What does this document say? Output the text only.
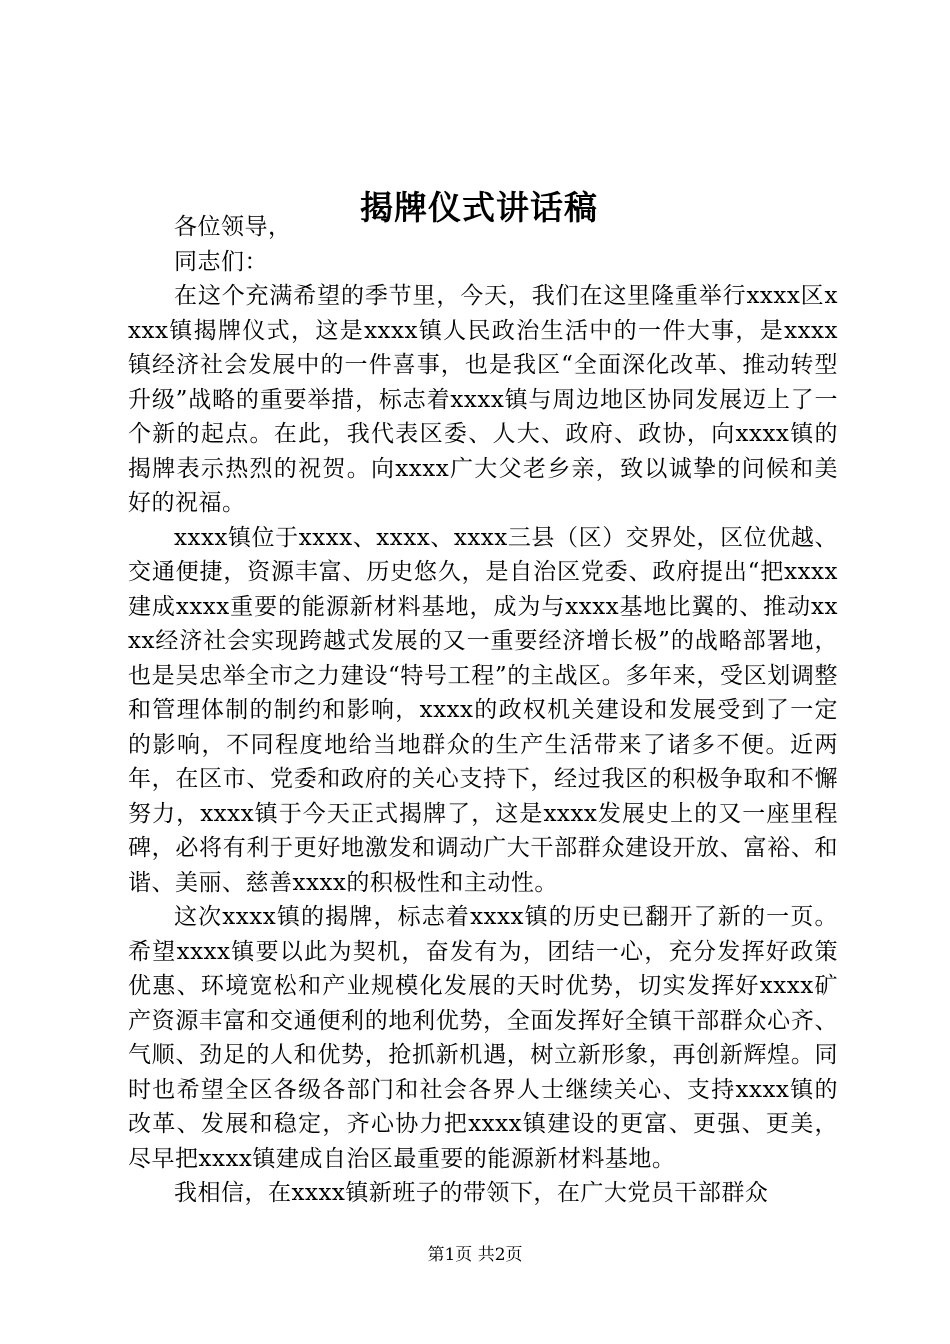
揭牌仪式讲话稿

各位领导，

同志们：

在这个充满希望的季节里，今天，我们在这里隆重举行xxxx区xxxx镇揭牌仪式，这是xxxx镇人民政治生活中的一件大事，是xxxx镇经济社会发展中的一件喜事，也是我区“全面深化改革、推动转型升级”战略的重要举措，标志着xxxx镇与周边地区协同发展迈上了一个新的起点。在此，我代表区委、人大、政府、政协，向xxxx镇的揭牌表示热烈的祝贺。向xxxx广大父老乡亲，致以诚挚的问候和美好的祝福。

xxxx镇位于xxxx、xxxx、xxxx三县（区）交界处，区位优越、交通便捷，资源丰富、历史悠久，是自治区党委、政府提出“把xxxx建成xxxx重要的能源新材料基地，成为与xxxx基地比翼的、推动xxxx经济社会实现跨越式发展的又一重要经济增长极”的战略部署地，也是吴忠举全市之力建设“特号工程”的主战区。多年来，受区划调整和管理体制的制约和影响，xxxx的政权机关建设和发展受到了一定的影响，不同程度地给当地群众的生产生活带来了诸多不便。近两年，在区市、党委和政府的关心支持下，经过我区的积极争取和不懈努力，xxxx镇于今天正式揭牌了，这是xxxx发展史上的又一座里程碑，必将有利于更好地激发和调动广大干部群众建设开放、富裕、和谐、美丽、慈善xxxx的积极性和主动性。

这次xxxx镇的揭牌，标志着xxxx镇的历史已翻开了新的一页。希望xxxx镇要以此为契机，奋发有为，团结一心，充分发挥好政策优惠、环境宽松和产业规模化发展的天时优势，切实发挥好xxxx矿产资源丰富和交通便利的地利优势，全面发挥好全镇干部群众心齐、气顺、劲足的人和优势，抢抓新机遇，树立新形象，再创新辉煌。同时也希望全区各级各部门和社会各界人士继续关心、支持xxxx镇的改革、发展和稳定，齐心协力把xxxx镇建设的更富、更强、更美，尽早把xxxx镇建成自治区最重要的能源新材料基地。

我相信，在xxxx镇新班子的带领下，在广大党员干部群众

第1页 共2页
